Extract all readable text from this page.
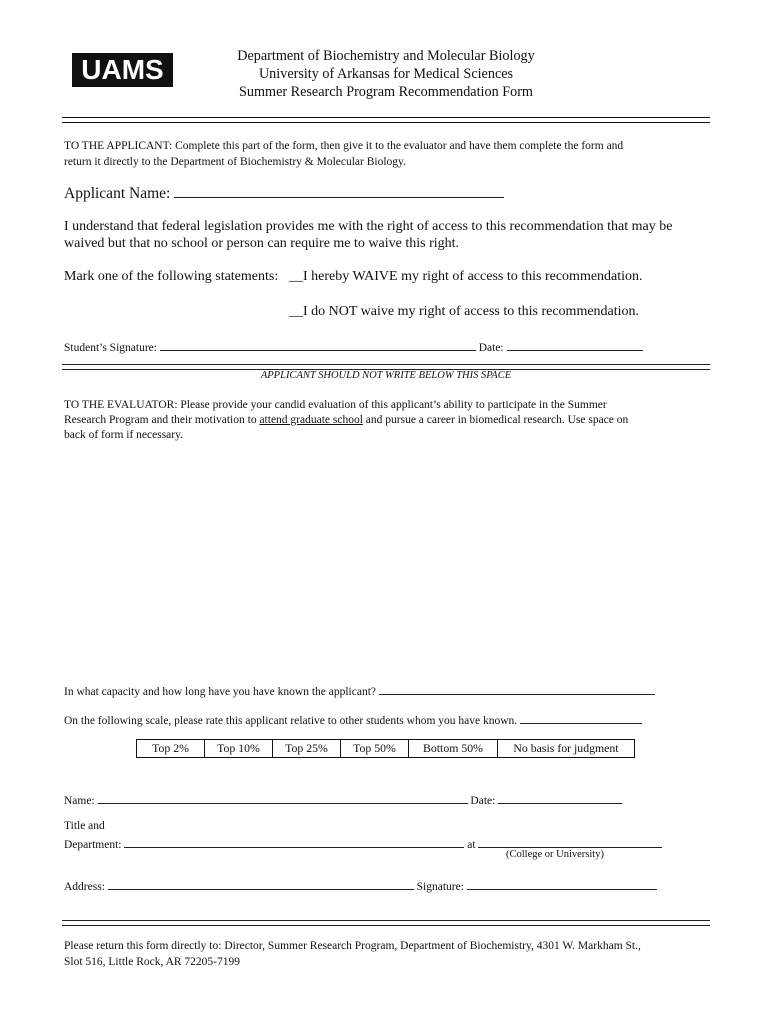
UAMS	Department of Biochemistry and Molecular Biology
University of Arkansas for Medical Sciences
Summer Research Program Recommendation Form
TO THE APPLICANT: Complete this part of the form, then give it to the evaluator and have them complete the form and
return it directly to the Department of Biochemistry & Molecular Biology.
Applicant Name:
I understand that federal legislation provides me with the right of access to this recommendation that may be
waived but that no school or person can require me to waive this right.
Mark one of the following statements: __I hereby WAIVE my right of access to this recommendation.
__I do NOT waive my right of access to this recommendation.
Student’s Signature:	Date:
APPLICANT SHOULD NOT WRITE BELOW THIS SPACE
TO THE EVALUATOR: Please provide your candid evaluation of this applicant’s ability to participate in the Summer
Research Program and their motivation to attend graduate school and pursue a career in biomedical research. Use space on
back of form if necessary.
In what capacity and how long have you have known the applicant?
On the following scale, please rate this applicant relative to other students whom you have known.
Top 2%	Top 10%	Top 25%	Top 50%	Bottom 50%	No basis for judgment
Name:	Date:
Title and
Department:	at
(College or University)
Address:	Signature:
Please return this form directly to: Director, Summer Research Program, Department of Biochemistry, 4301 W. Markham St.,
Slot 516, Little Rock, AR 72205-7199
